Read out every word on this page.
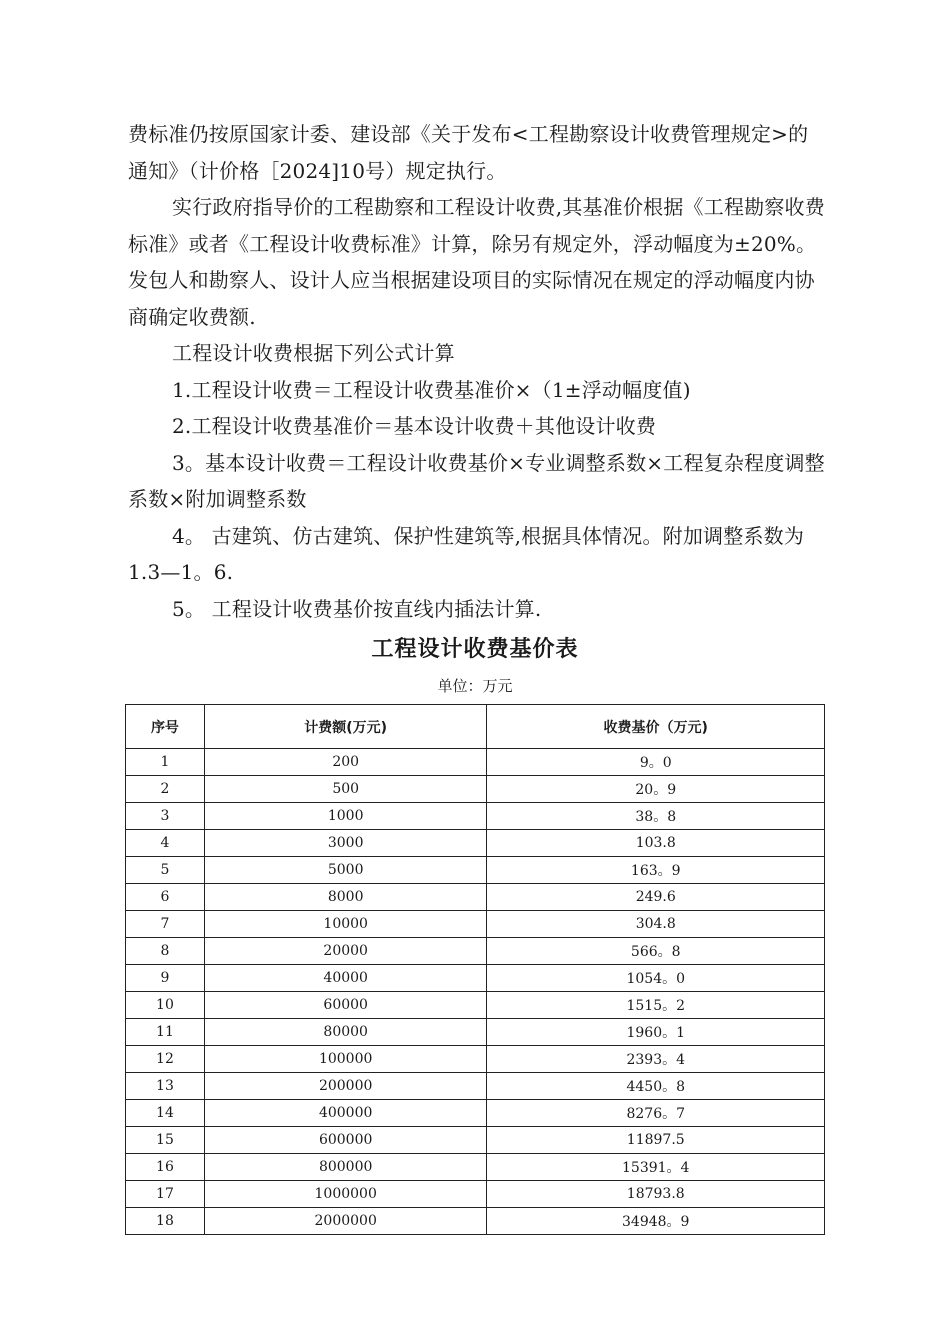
费标准仍按原国家计委、建设部《关于发布<工程勘察设计收费管理规定>的通知》（计价格［2024]10号）规定执行。

实行政府指导价的工程勘察和工程设计收费,其基准价根据《工程勘察收费标准》或者《工程设计收费标准》计算，除另有规定外，浮动幅度为±20%。发包人和勘察人、设计人应当根据建设项目的实际情况在规定的浮动幅度内协商确定收费额.

工程设计收费根据下列公式计算

1.工程设计收费＝工程设计收费基准价×（1±浮动幅度值)

2.工程设计收费基准价＝基本设计收费＋其他设计收费

3。基本设计收费＝工程设计收费基价×专业调整系数×工程复杂程度调整系数×附加调整系数

4。 古建筑、仿古建筑、保护性建筑等,根据具体情况。附加调整系数为1.3—1。6.

5。 工程设计收费基价按直线内插法计算.

工程设计收费基价表
单位：万元
序号	计费额(万元)	收费基价（万元)
1	200	9。0
2	500	20。9
3	1000	38。8
4	3000	103.8
5	5000	163。9
6	8000	249.6
7	10000	304.8
8	20000	566。8
9	40000	1054。0
10	60000	1515。2
11	80000	1960。1
12	100000	2393。4
13	200000	4450。8
14	400000	8276。7
15	600000	11897.5
16	800000	15391。4
17	1000000	18793.8
18	2000000	34948。9
